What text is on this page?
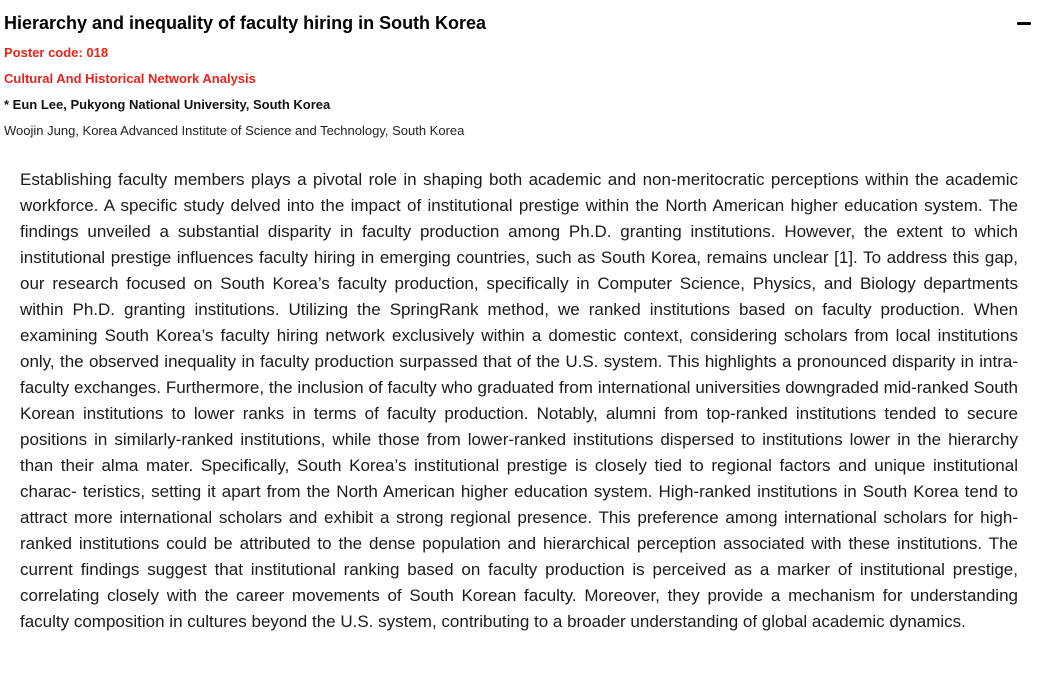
Hierarchy and inequality of faculty hiring in South Korea
Poster code: 018
Cultural And Historical Network Analysis
* Eun Lee, Pukyong National University, South Korea
Woojin Jung, Korea Advanced Institute of Science and Technology, South Korea

Establishing faculty members plays a pivotal role in shaping both academic and non-meritocratic perceptions within the academic workforce. A specific study delved into the impact of institutional prestige within the North American higher education system. The findings unveiled a substantial disparity in faculty production among Ph.D. granting institutions. However, the extent to which institutional prestige influences faculty hiring in emerging countries, such as South Korea, remains unclear [1]. To address this gap, our research focused on South Korea’s faculty production, specifically in Computer Science, Physics, and Biology departments within Ph.D. granting institutions. Utilizing the SpringRank method, we ranked institutions based on faculty production. When examining South Korea’s faculty hiring network exclusively within a domestic context, considering scholars from local institutions only, the observed inequality in faculty production surpassed that of the U.S. system. This highlights a pronounced disparity in intra-faculty exchanges. Furthermore, the inclusion of faculty who graduated from international universities downgraded mid-ranked South Korean institutions to lower ranks in terms of faculty production. Notably, alumni from top-ranked institutions tended to secure positions in similarly-ranked institutions, while those from lower-ranked institutions dispersed to institutions lower in the hierarchy than their alma mater. Specifically, South Korea’s institutional prestige is closely tied to regional factors and unique institutional charac- teristics, setting it apart from the North American higher education system. High-ranked institutions in South Korea tend to attract more international scholars and exhibit a strong regional presence. This preference among international scholars for high-ranked institutions could be attributed to the dense population and hierarchical perception associated with these institutions. The current findings suggest that institutional ranking based on faculty production is perceived as a marker of institutional prestige, correlating closely with the career movements of South Korean faculty. Moreover, they provide a mechanism for understanding faculty composition in cultures beyond the U.S. system, contributing to a broader understanding of global academic dynamics.
